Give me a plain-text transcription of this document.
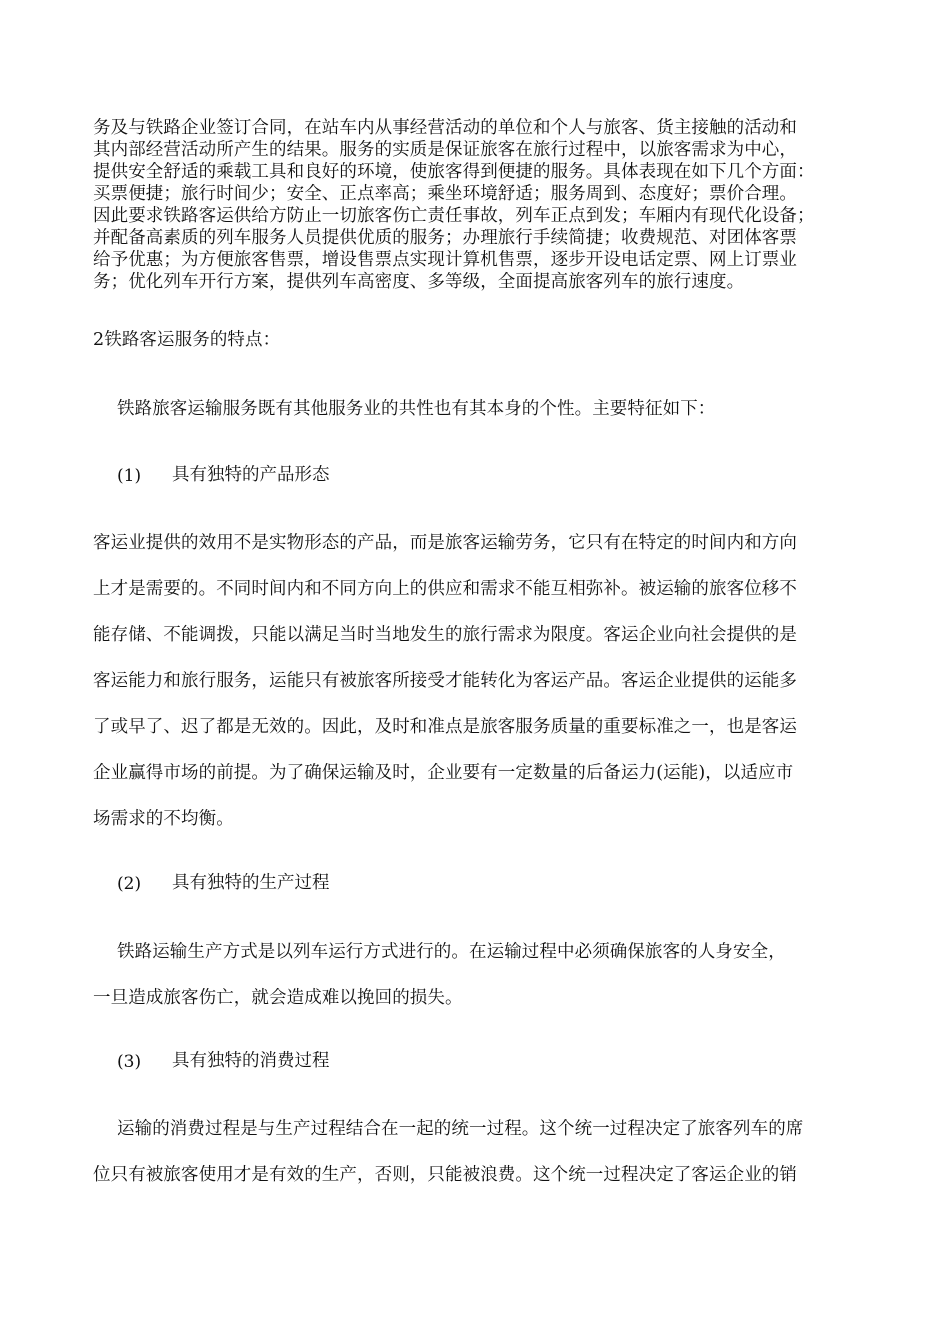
务及与铁路企业签订合同，在站车内从事经营活动的单位和个人与旅客、货主接触的活动和
其内部经营活动所产生的结果。服务的实质是保证旅客在旅行过程中，以旅客需求为中心，
提供安全舒适的乘载工具和良好的环境，使旅客得到便捷的服务。具体表现在如下几个方面：
买票便捷；旅行时间少；安全、正点率高；乘坐环境舒适；服务周到、态度好；票价合理。
因此要求铁路客运供给方防止一切旅客伤亡责任事故，列车正点到发；车厢内有现代化设备；
并配备高素质的列车服务人员提供优质的服务；办理旅行手续简捷；收费规范、对团体客票
给予优惠；为方便旅客售票，增设售票点实现计算机售票，逐步开设电话定票、网上订票业
务；优化列车开行方案，提供列车高密度、多等级，全面提高旅客列车的旅行速度。
2铁路客运服务的特点：
铁路旅客运输服务既有其他服务业的共性也有其本身的个性。主要特征如下：
(1) 具有独特的产品形态
客运业提供的效用不是实物形态的产品，而是旅客运输劳务，它只有在特定的时间内和方向
上才是需要的。不同时间内和不同方向上的供应和需求不能互相弥补。被运输的旅客位移不
能存储、不能调拨，只能以满足当时当地发生的旅行需求为限度。客运企业向社会提供的是
客运能力和旅行服务，运能只有被旅客所接受才能转化为客运产品。客运企业提供的运能多
了或早了、迟了都是无效的。因此，及时和准点是旅客服务质量的重要标准之一，也是客运
企业赢得市场的前提。为了确保运输及时，企业要有一定数量的后备运力(运能)，以适应市
场需求的不均衡。
(2) 具有独特的生产过程
铁路运输生产方式是以列车运行方式进行的。在运输过程中必须确保旅客的人身安全，
一旦造成旅客伤亡，就会造成难以挽回的损失。
(3) 具有独特的消费过程
运输的消费过程是与生产过程结合在一起的统一过程。这个统一过程决定了旅客列车的席
位只有被旅客使用才是有效的生产，否则，只能被浪费。这个统一过程决定了客运企业的销
